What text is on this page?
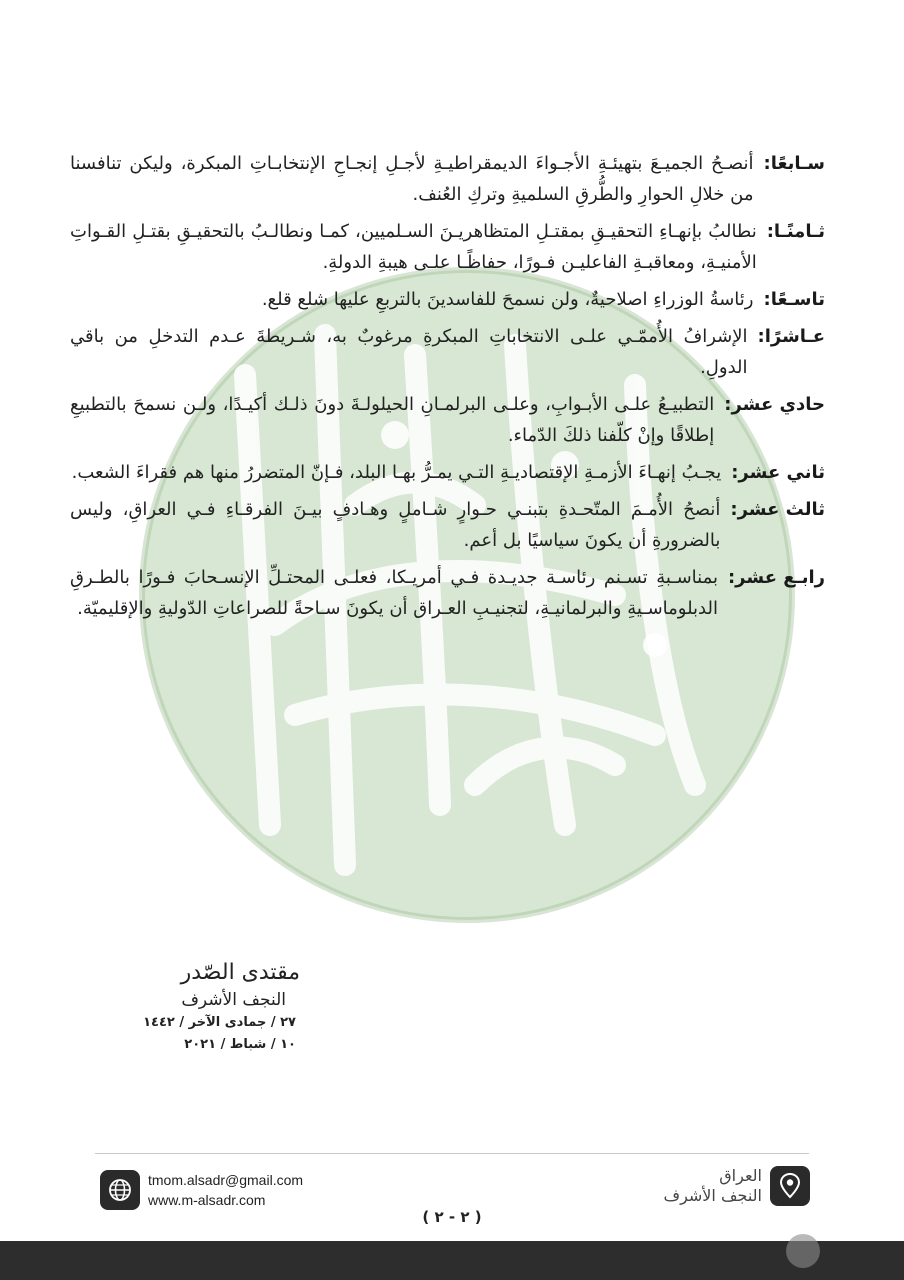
سـابعًا:
أنصـحُ الجميـعَ بتهيئـةِ الأجـواءَ الديمقراطيـةِ لأجـلِ إنجـاحِ الإنتخابـاتِ المبكرة، وليكن تنافسنا من خلالِ الحوارِ والطُّرقِ السلميةِ وتركِ العُنف.
ثـامنًـا:
نطالبُ بإنهـاءِ التحقيـقِ بمقتـلِ المتظاهريـنَ السـلميين، كمـا ونطالـبُ بالتحقيـقِ بقتـلِ القـواتِ الأمنيـةِ، ومعاقبـةِ الفاعليـن فـورًا، حفاظًـا علـى هيبةِ الدولةِ.
تاسـعًا:
رئاسةُ الوزراءِ اصلاحيةٌ، ولن نسمحَ للفاسدينَ بالتربعِ عليها شلع قلع.
عـاشرًا:
الإشرافُ الأُممّـي علـى الانتخاباتِ المبكرةِ مرغوبٌ به، شـريطةَ عـدم التدخلِ من باقي الدولِ.
حادي عشر:
التطبيـعُ علـى الأبـوابِ، وعلـى البرلمـانِ الحيلولـةَ دونَ ذلـك أكيـدًا، ولـن نسمحَ بالتطبيعِ إطلاقًا وإنْ كلّفنا ذلكَ الدّماء.
ثاني عشر:
يجـبُ إنهـاءَ الأزمـةِ الإقتصاديـةِ التـي يمـرُّ بهـا البلد، فـإنّ المتضررُ منها هم فقراءَ الشعب.
ثالث عشر:
أنصحُ الأُمـمَ المتّحـدةِ بتبنـي حـوارٍ شـاملٍ وهـادفٍ بيـنَ الفرقـاءِ فـي العراقِ، وليس بالضرورةِ أن يكونَ سياسيًا بل أعم.
رابـع عشر:
بمناسـبةِ تسـنم رئاسـة جديـدة فـي أمريـكا، فعلـى المحتـلِّ الإنسـحابَ فـورًا بالطـرقِ الدبلوماسـيةِ والبرلمانيـةِ، لتجنيـبِ العـراق أن يكونَ سـاحةً للصراعاتِ الدّوليةِ والإقليميّة.
مقتدى الصّدر
النجف الأشرف
٢٧ / جمادى الآخر / ١٤٤٢
١٠ / شباط / ٢٠٢١
tmom.alsadr@gmail.com
www.m-alsadr.com
العراق
النجف الأشرف
( ٢ - ٢ )
